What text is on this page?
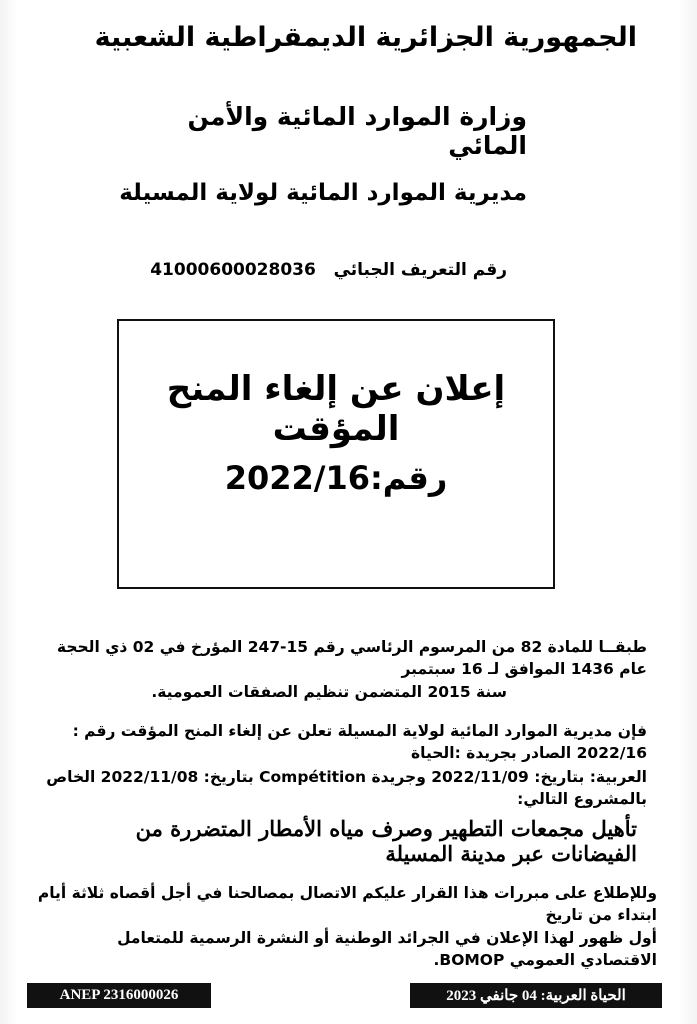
الجمهورية الجزائرية الديمقراطية الشعبية
وزارة الموارد المائية والأمن المائي
مديرية الموارد المائية لولاية المسيلة
رقم التعريف الجبائي   41000600028036
إعلان عن إلغاء المنح المؤقت
رقم:2022/16
طبقــا للمادة 82 من المرسوم الرئاسي رقم 15-247 المؤرخ في 02 ذي الحجة عام 1436 الموافق لـ 16 سبتمبر
سنة 2015 المتضمن تنظيم الصفقات العمومية.
فإن مديرية الموارد المائية لولاية المسيلة تعلن عن إلغاء المنح المؤقت رقم : 2022/16 الصادر بجريدة :الحياة
العربية: بتاريخ: 2022/11/09 وجريدة Compétition بتاريخ: 2022/11/08 الخاص بالمشروع التالي:
تأهيل مجمعات التطهير وصرف مياه الأمطار المتضررة من الفيضانات عبر مدينة المسيلة
وللإطلاع على مبررات هذا القرار عليكم الاتصال بمصالحنا في أجل أقصاه ثلاثة أيام ابتداء من تاريخ
أول ظهور لهذا الإعلان في الجرائد الوطنية أو النشرة الرسمية للمتعامل الاقتصادي العمومي BOMOP.
ANEP 2316000026	الحياة العربية: 04 جانفي 2023
